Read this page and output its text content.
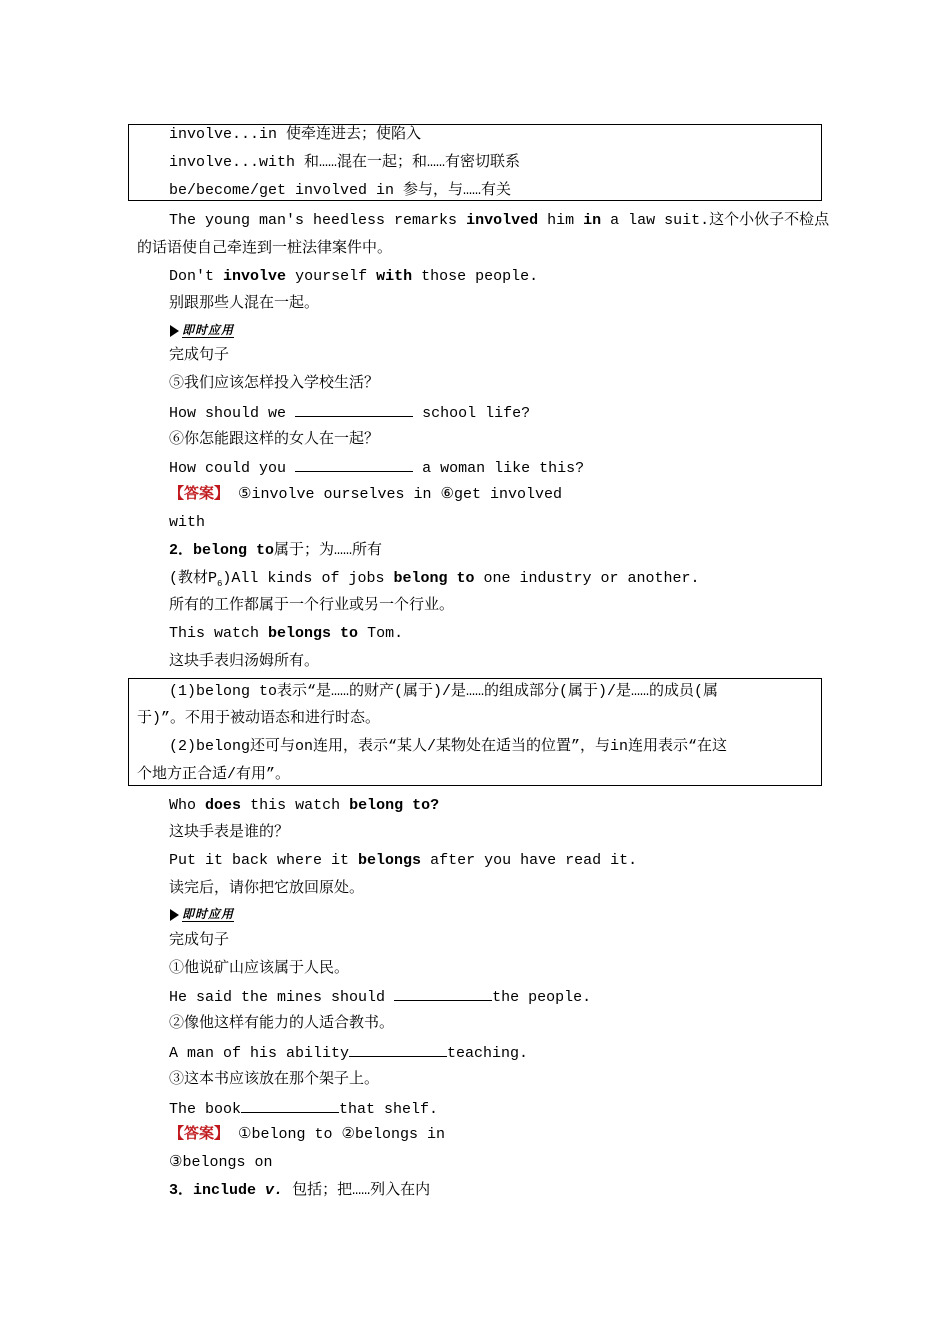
involve...in 使牵连进去；使陷入
involve...with 和……混在一起；和……有密切联系
be/become/get involved in 参与，与……有关
The young man's heedless remarks involved him in a law suit.这个小伙子不检点
的话语使自己牵连到一桩法律案件中。
Don't involve yourself with those people.
别跟那些人混在一起。
即时应用
完成句子
⑤我们应该怎样投入学校生活？
How should we	school life?
⑥你怎能跟这样的女人在一起？
How could you	a woman like this?
【答案】 ⑤involve ourselves in ⑥get involved
with
2．belong to属于；为……所有
(教材$P_6)All$ kinds of jobs belong to one industry or another.
所有的工作都属于一个行业或另一个行业。
This watch belongs to Tom.
这块手表归汤姆所有。
(1)belong to表示“是……的财产(属于)/是……的组成部分(属于)/是……的成员(属
于)”。不用于被动语态和进行时态。
(2)belong还可与on连用，表示“某人/某物处在适当的位置”，与in连用表示“在这
个地方正合适/有用”。
Who does this watch belong to?
这块手表是谁的？
Put it back where it belongs after you have read it.
读完后，请你把它放回原处。
即时应用
完成句子
①他说矿山应该属于人民。
He said the mines should	the people.
②像他这样有能力的人适合教书。
A man of his ability	teaching.
③这本书应该放在那个架子上。
The book	that shelf.
【答案】 ①belong to ②belongs in
③belongs on
3．include v. 包括；把……列入在内
